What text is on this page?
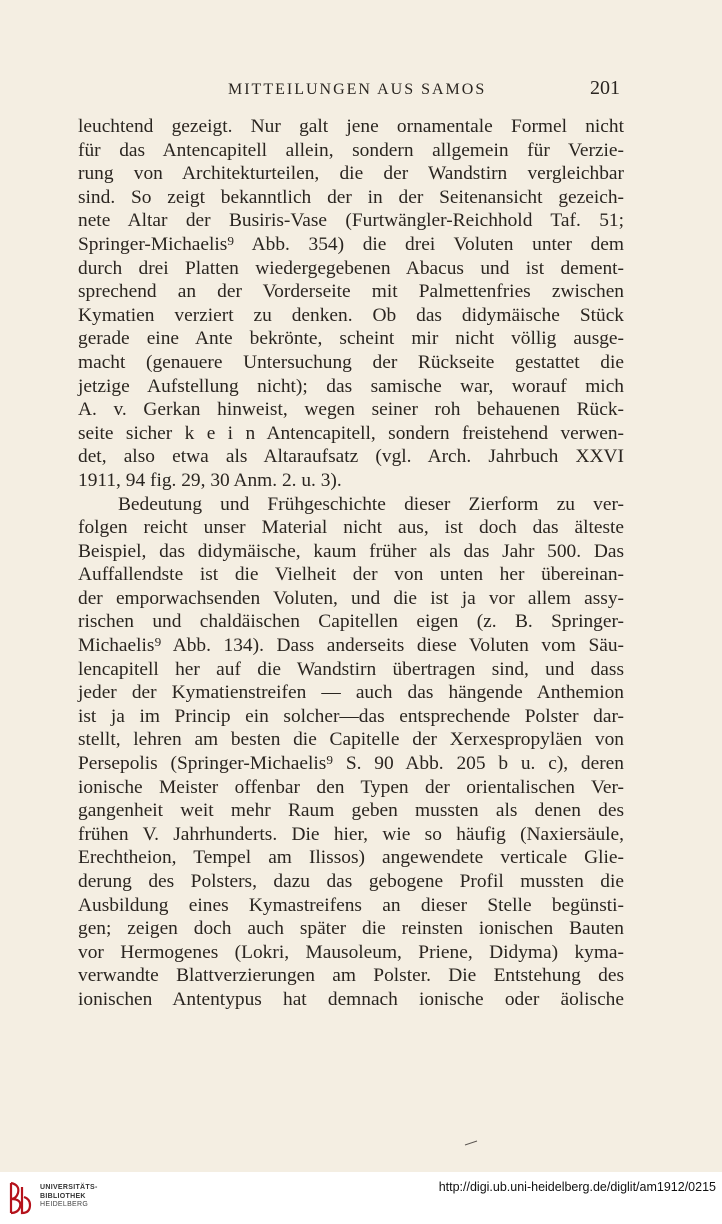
MITTEILUNGEN AUS SAMOS	201
leuchtend gezeigt. Nur galt jene ornamentale Formel nicht
für das Antencapitell allein, sondern allgemein für Verzie-
rung von Architekturteilen, die der Wandstirn vergleichbar
sind. So zeigt bekanntlich der in der Seitenansicht gezeich-
nete Altar der Busiris-Vase (Furtwängler-Reichhold Taf. 51;
Springer-Michaelis⁹ Abb. 354) die drei Voluten unter dem
durch drei Platten wiedergegebenen Abacus und ist dement-
sprechend an der Vorderseite mit Palmettenfries zwischen
Kymatien verziert zu denken. Ob das didymäische Stück
gerade eine Ante bekrönte, scheint mir nicht völlig ausge-
macht (genauere Untersuchung der Rückseite gestattet die
jetzige Aufstellung nicht); das samische war, worauf mich
A. v. Gerkan hinweist, wegen seiner roh behauenen Rück-
seite sicher k e i n Antencapitell, sondern freistehend verwen-
det, also etwa als Altaraufsatz (vgl. Arch. Jahrbuch XXVI
1911, 94 fig. 29, 30 Anm. 2. u. 3).
Bedeutung und Frühgeschichte dieser Zierform zu ver-
folgen reicht unser Material nicht aus, ist doch das älteste
Beispiel, das didymäische, kaum früher als das Jahr 500. Das
Auffallendste ist die Vielheit der von unten her übereinan-
der emporwachsenden Voluten, und die ist ja vor allem assy-
rischen und chaldäischen Capitellen eigen (z. B. Springer-
Michaelis⁹ Abb. 134). Dass anderseits diese Voluten vom Säu-
lencapitell her auf die Wandstirn übertragen sind, und dass
jeder der Kymatienstreifen — auch das hängende Anthemion
ist ja im Princip ein solcher—das entsprechende Polster dar-
stellt, lehren am besten die Capitelle der Xerxespropyläen von
Persepolis (Springer-Michaelis⁹ S. 90 Abb. 205 b u. c), deren
ionische Meister offenbar den Typen der orientalischen Ver-
gangenheit weit mehr Raum geben mussten als denen des
frühen V. Jahrhunderts. Die hier, wie so häufig (Naxiersäule,
Erechtheion, Tempel am Ilissos) angewendete verticale Glie-
derung des Polsters, dazu das gebogene Profil mussten die
Ausbildung eines Kymastreifens an dieser Stelle begünsti-
gen; zeigen doch auch später die reinsten ionischen Bauten
vor Hermogenes (Lokri, Mausoleum, Priene, Didyma) kyma-
verwandte Blattverzierungen am Polster. Die Entstehung des
ionischen Antentypus hat demnach ionische oder äolische
UNIVERSITÄTS-
BIBLIOTHEK
HEIDELBERG
http://digi.ub.uni-heidelberg.de/diglit/am1912/0215
